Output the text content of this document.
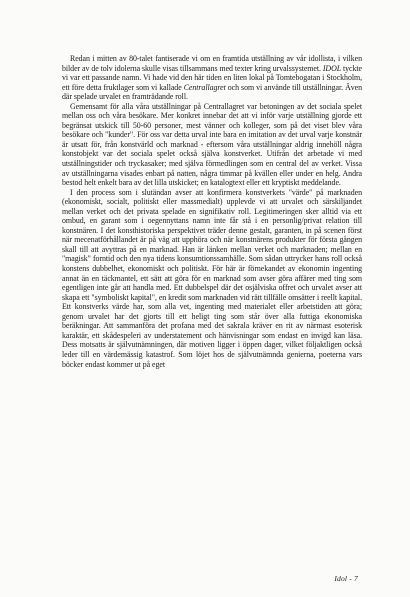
Redan i mitten av 80-talet fantiserade vi om en framtida utställning av vår idollista, i vilken bilder av de tolv idolerna skulle visas tillsammans med texter kring urvalssystemet. IDOL tyckte vi var ett passande namn. Vi hade vid den här tiden en liten lokal på Tomtebogatan i Stockholm, ett före detta fruktlager som vi kallade Centrallagret och som vi använde till utställningar. Även där spelade urvalet en framträdande roll.

Gemensamt för alla våra utställningar på Centrallagret var betoningen av det sociala spelet mellan oss och våra besökare. Mer konkret innebar det att vi inför varje utställning gjorde ett begränsat utskick till 50-60 personer, mest vänner och kolleger, som på det viset blev våra besökare och "kunder". För oss var detta urval inte bara en imitation av det urval varje konstnär är utsatt för, från konstvärld och marknad - eftersom våra utställningar aldrig innehöll några konstobjekt var det sociala spelet också själva konstverket. Utifrån det arbetade vi med utställningstider och tryckasaker; med själva förmedlingen som en central del av verket. Vissa av utställningarna visades enbart på natten, några timmar på kvällen eller under en helg. Andra bestod helt enkelt bara av det lilla utskicket; en katalogtext eller ett kryptiskt meddelande.

I den process som i slutändan avser att konfirmera konstverkets "värde" på marknaden (ekonomiskt, socialt, politiskt eller massmedialt) upplevde vi att urvalet och särskiljandet mellan verket och det privata spelade en signifikativ roll. Legitimeringen sker alltid via ett ombud, en garant som i oegennyttans namn inte får stå i en personlig/privat relation till konstnären. I det konsthistoriska perspektivet träder denne gestalt, garanten, in på scenen först när mecenatförhållandet är på väg att upphöra och när konstnärens produkter för första gången skall till att avyttras på en marknad. Han är länken mellan verket och marknaden; mellan en "magisk" forntid och den nya tidens konsumtionssamhälle. Som sådan uttrycker hans roll också konstens dubbelhet, ekonomiskt och politiskt. För här är förnekandet av ekonomin ingenting annat än en täckmantel, ett sätt att göra för en marknad som avser göra affärer med ting som egentligen inte går att handla med. Ett dubbelspel där det osjälviska offret och urvalet avser att skapa ett "symboliskt kapital", en kredit som marknaden vid rätt tillfälle omsätter i reellt kapital. Ett konstverks värde har, som alla vet, ingenting med materialet eller arbetstiden att göra; genom urvalet har det gjorts till ett heligt ting som står över alla futtiga ekonomiska beräkningar. Att sammanföra det profana med det sakrala kräver en rit av närmast esoterisk karaktär, ett skådespeleri av understatement och hänvisningar som endast en invigd kan läsa. Dess motsatts är självutnämningen, där motiven ligger i öppen dager, vilket följaktligen också leder till en värdemässig katastrof. Som löjet hos de självutnämnda genierna, poeterna vars böcker endast kommer ut på eget

Idol - 7
